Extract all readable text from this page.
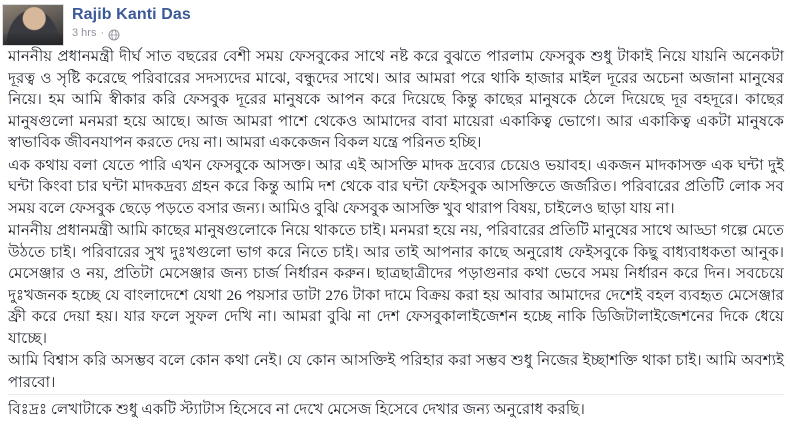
Rajib Kanti Das
3 hrs ·

মাননীয় প্রধানমন্ত্রী দীর্ঘ সাত বছরের বেশী সময় ফেসবুকের সাথে নষ্ট করে বুঝতে পারলাম ফেসবুক শুধু টাকাই নিয়ে যায়নি অনেকটা দূরত্ব ও সৃষ্টি করেছে পরিবারের সদস্যদের মাঝে, বন্ধুদের সাথে। আর আমরা পরে থাকি হাজার মাইল দূরের অচেনা অজানা মানুষের নিয়ে। হম আমি স্বীকার করি ফেসবুক দূরের মানুষকে আপন করে দিয়েছে কিন্তু কাছের মানুষকে ঠেলে দিয়েছে দূর বহদূরে। কাছের মানুষগুলো মনমরা হয়ে আছে। আজ আমরা পাশে থেকেও আমাদের বাবা মায়েরা একাকিত্ব ভোগে। আর একাকিত্ব একটা মানুষকে স্বাভাবিক জীবনযাপন করতে দেয় না। আমরা এককেজন বিকল যন্ত্রে পরিনত হচ্ছি।

এক কথায় বলা যেতে পারি এখন ফেসবুকে আসক্ত। আর এই আসক্তি মাদক দ্রব্যের চেয়েও ভয়াবহ। একজন মাদকাসক্ত এক ঘন্টা দুই ঘন্টা কিংবা চার ঘন্টা মাদকদ্রব্য গ্রহন করে কিন্তু আমি দশ থেকে বার ঘন্টা ফেইসবুক আসক্তিতে জর্জরিত। পরিবারের প্রতিটি লোক সব সময় বলে ফেসবুক ছেড়ে পড়তে বসার জন্য। আমিও বুঝি ফেসবুক আসক্তি খুব থারাপ বিষয়, চাইলেও ছাড়া যায় না।

মাননীয় প্রধানমন্ত্রী আমি কাছের মানুষগুলোকে নিয়ে থাকতে চাই। মনমরা হয়ে নয়, পরিবারের প্রতিটি মানুষের সাথে আড্ডা গল্পে মেতে উঠতে চাই। পরিবারের সুখ দুঃখগুলো ভাগ করে নিতে চাই। আর তাই আপনার কাছে অনুরোধ ফেইসবুকে কিছু বাধ্যবাধকতা আনুক। মেসেঞ্জার ও নয়, প্রতিটা মেসেঞ্জার জন্য চার্জ নির্ধারন করুন। ছাত্রছাত্রীদের পড়াগুনার কথা ভেবে সময় নির্ধারন করে দিন। সবচেয়ে দুঃখজনক হচ্ছে যে বাংলাদেশে যেথা 26 পয়সার ডাটা 276 টাকা দামে বিক্রয় করা হয় আবার আমাদের দেশেই বহল ব্যবহৃত মেসেঞ্জার ফ্রী করে দেয়া হয়। যার ফলে সুফল দেখি না। আমরা বুঝি না দেশ ফেসবুকালাইজেশন হচ্ছে নাকি ডিজিটালাইজেশনের দিকে ধেয়ে যাচ্ছে।

আমি বিশ্বাস করি অসম্ভব বলে কোন কথা নেই। যে কোন আসক্তিই পরিহার করা সম্ভব শুধু নিজের ইচ্ছাশক্তি থাকা চাই। আমি অবশ্যই পারবো।

বিঃদ্রঃ লেখাটাকে শুধু একটি স্ট্যাটাস হিসেবে না দেখে মেসেজ হিসেবে দেখার জন্য অনুরোধ করছি।
